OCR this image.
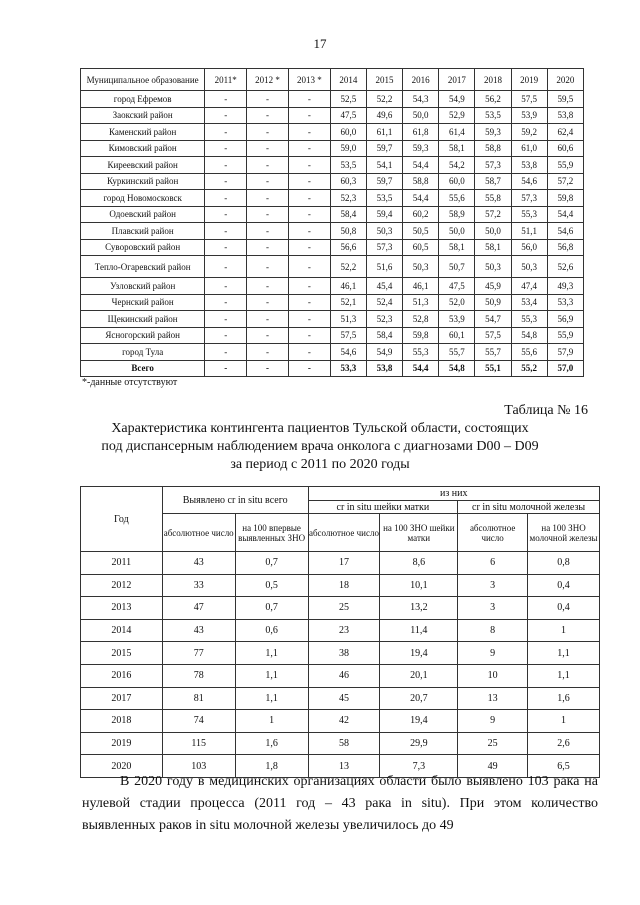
17
Муниципальное образование	2011*	2012 *	2013 *	2014	2015	2016	2017	2018	2019	2020
город Ефремов	-	-	-	52,5	52,2	54,3	54,9	56,2	57,5	59,5
Заокский район	-	-	-	47,5	49,6	50,0	52,9	53,5	53,9	53,8
Каменский район	-	-	-	60,0	61,1	61,8	61,4	59,3	59,2	62,4
Кимовский район	-	-	-	59,0	59,7	59,3	58,1	58,8	61,0	60,6
Киреевский район	-	-	-	53,5	54,1	54,4	54,2	57,3	53,8	55,9
Куркинский район	-	-	-	60,3	59,7	58,8	60,0	58,7	54,6	57,2
город Новомосковск	-	-	-	52,3	53,5	54,4	55,6	55,8	57,3	59,8
Одоевский район	-	-	-	58,4	59,4	60,2	58,9	57,2	55,3	54,4
Плавский район	-	-	-	50,8	50,3	50,5	50,0	50,0	51,1	54,6
Суворовский район	-	-	-	56,6	57,3	60,5	58,1	58,1	56,0	56,8
Тепло-Огаревский район	-	-	-	52,2	51,6	50,3	50,7	50,3	50,3	52,6
Узловский район	-	-	-	46,1	45,4	46,1	47,5	45,9	47,4	49,3
Чернский район	-	-	-	52,1	52,4	51,3	52,0	50,9	53,4	53,3
Щекинский район	-	-	-	51,3	52,3	52,8	53,9	54,7	55,3	56,9
Ясногорский район	-	-	-	57,5	58,4	59,8	60,1	57,5	54,8	55,9
город Тула	-	-	-	54,6	54,9	55,3	55,7	55,7	55,6	57,9
Всего	-	-	-	53,3	53,8	54,4	54,8	55,1	55,2	57,0
*-данные отсутствуют
Таблица № 16
Характеристика контингента пациентов Тульской области, состоящих
под диспансерным наблюдением врача онколога с диагнозами D00 – D09
за период с 2011 по 2020 годы
Год	Выявлено cr in situ всего		из них			
			cr in situ шейки матки		cr in situ молочной железы	
	абсолютное число	на 100 впервые выявленных ЗНО	абсолютное число	на 100 ЗНО шейки матки	абсолютное число	на 100 ЗНО молочной железы
2011	43	0,7	17	8,6	6	0,8
2012	33	0,5	18	10,1	3	0,4
2013	47	0,7	25	13,2	3	0,4
2014	43	0,6	23	11,4	8	1
2015	77	1,1	38	19,4	9	1,1
2016	78	1,1	46	20,1	10	1,1
2017	81	1,1	45	20,7	13	1,6
2018	74	1	42	19,4	9	1
2019	115	1,6	58	29,9	25	2,6
2020	103	1,8	13	7,3	49	6,5
В 2020 году в медицинских организациях области было выявлено 103 рака на нулевой стадии процесса (2011 год – 43 рака in situ). При этом количество выявленных раков in situ молочной железы увеличилось до 49
